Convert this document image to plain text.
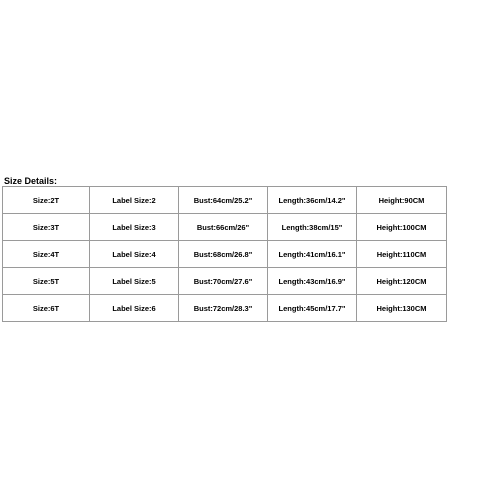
Size Details:
Size:2T	Label Size:2	Bust:64cm/25.2"	Length:36cm/14.2"	Height:90CM
Size:3T	Label Size:3	Bust:66cm/26"	Length:38cm/15"	Height:100CM
Size:4T	Label Size:4	Bust:68cm/26.8"	Length:41cm/16.1"	Height:110CM
Size:5T	Label Size:5	Bust:70cm/27.6"	Length:43cm/16.9"	Height:120CM
Size:6T	Label Size:6	Bust:72cm/28.3"	Length:45cm/17.7"	Height:130CM
